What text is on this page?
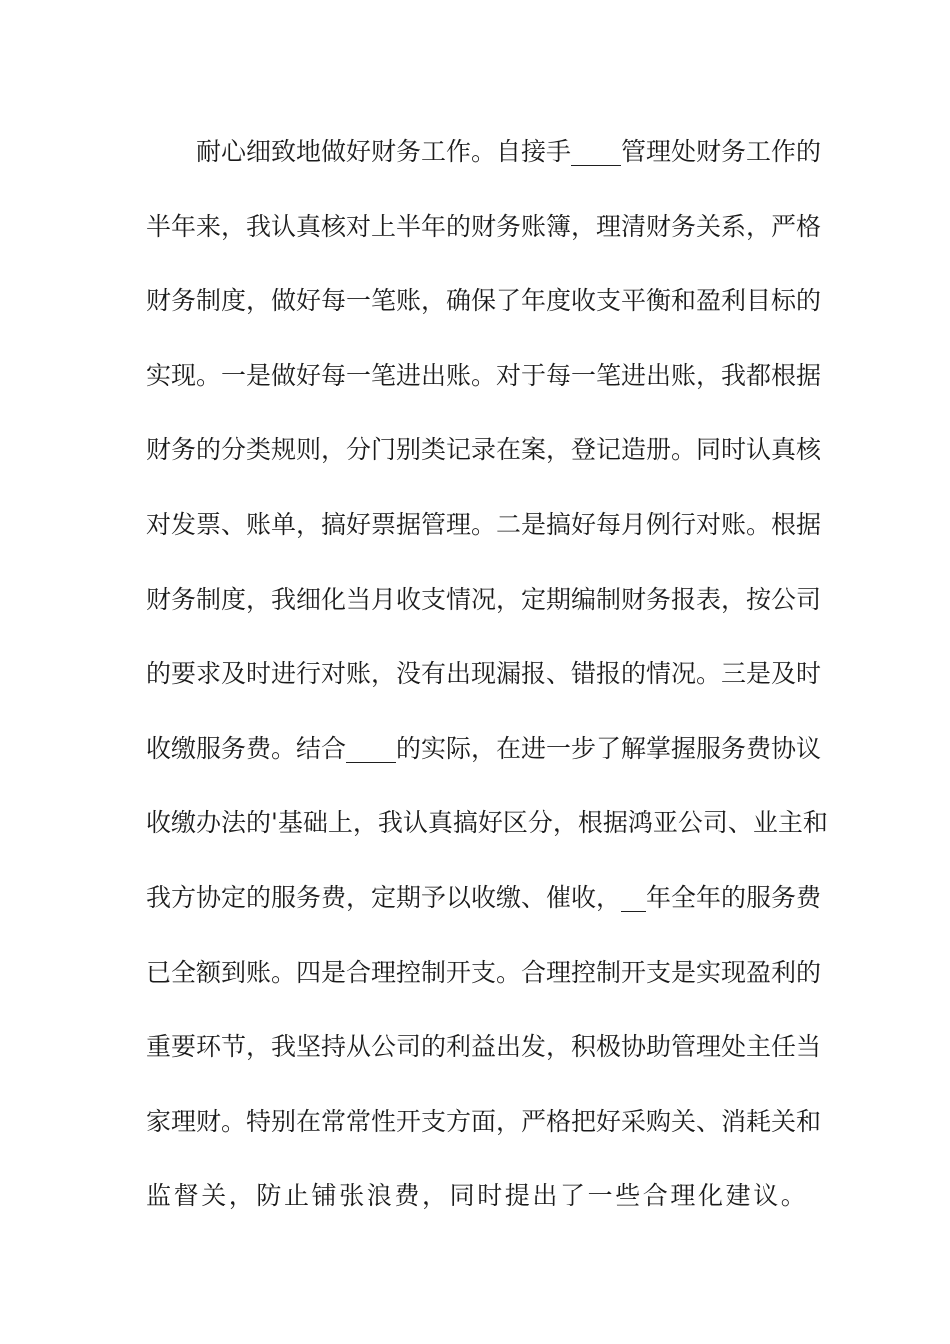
　　耐心细致地做好财务工作。自接手____管理处财务工作的
半年来，我认真核对上半年的财务账簿，理清财务关系，严格
财务制度，做好每一笔账，确保了年度收支平衡和盈利目标的
实现。一是做好每一笔进出账。对于每一笔进出账，我都根据
财务的分类规则，分门别类记录在案，登记造册。同时认真核
对发票、账单，搞好票据管理。二是搞好每月例行对账。根据
财务制度，我细化当月收支情况，定期编制财务报表，按公司
的要求及时进行对账，没有出现漏报、错报的情况。三是及时
收缴服务费。结合____的实际，在进一步了解掌握服务费协议
收缴办法的'基础上，我认真搞好区分，根据鸿亚公司、业主和
我方协定的服务费，定期予以收缴、催收，__年全年的服务费
已全额到账。四是合理控制开支。合理控制开支是实现盈利的
重要环节，我坚持从公司的利益出发，积极协助管理处主任当
家理财。特别在常常性开支方面，严格把好采购关、消耗关和
监督关，防止铺张浪费，同时提出了一些合理化建议。
